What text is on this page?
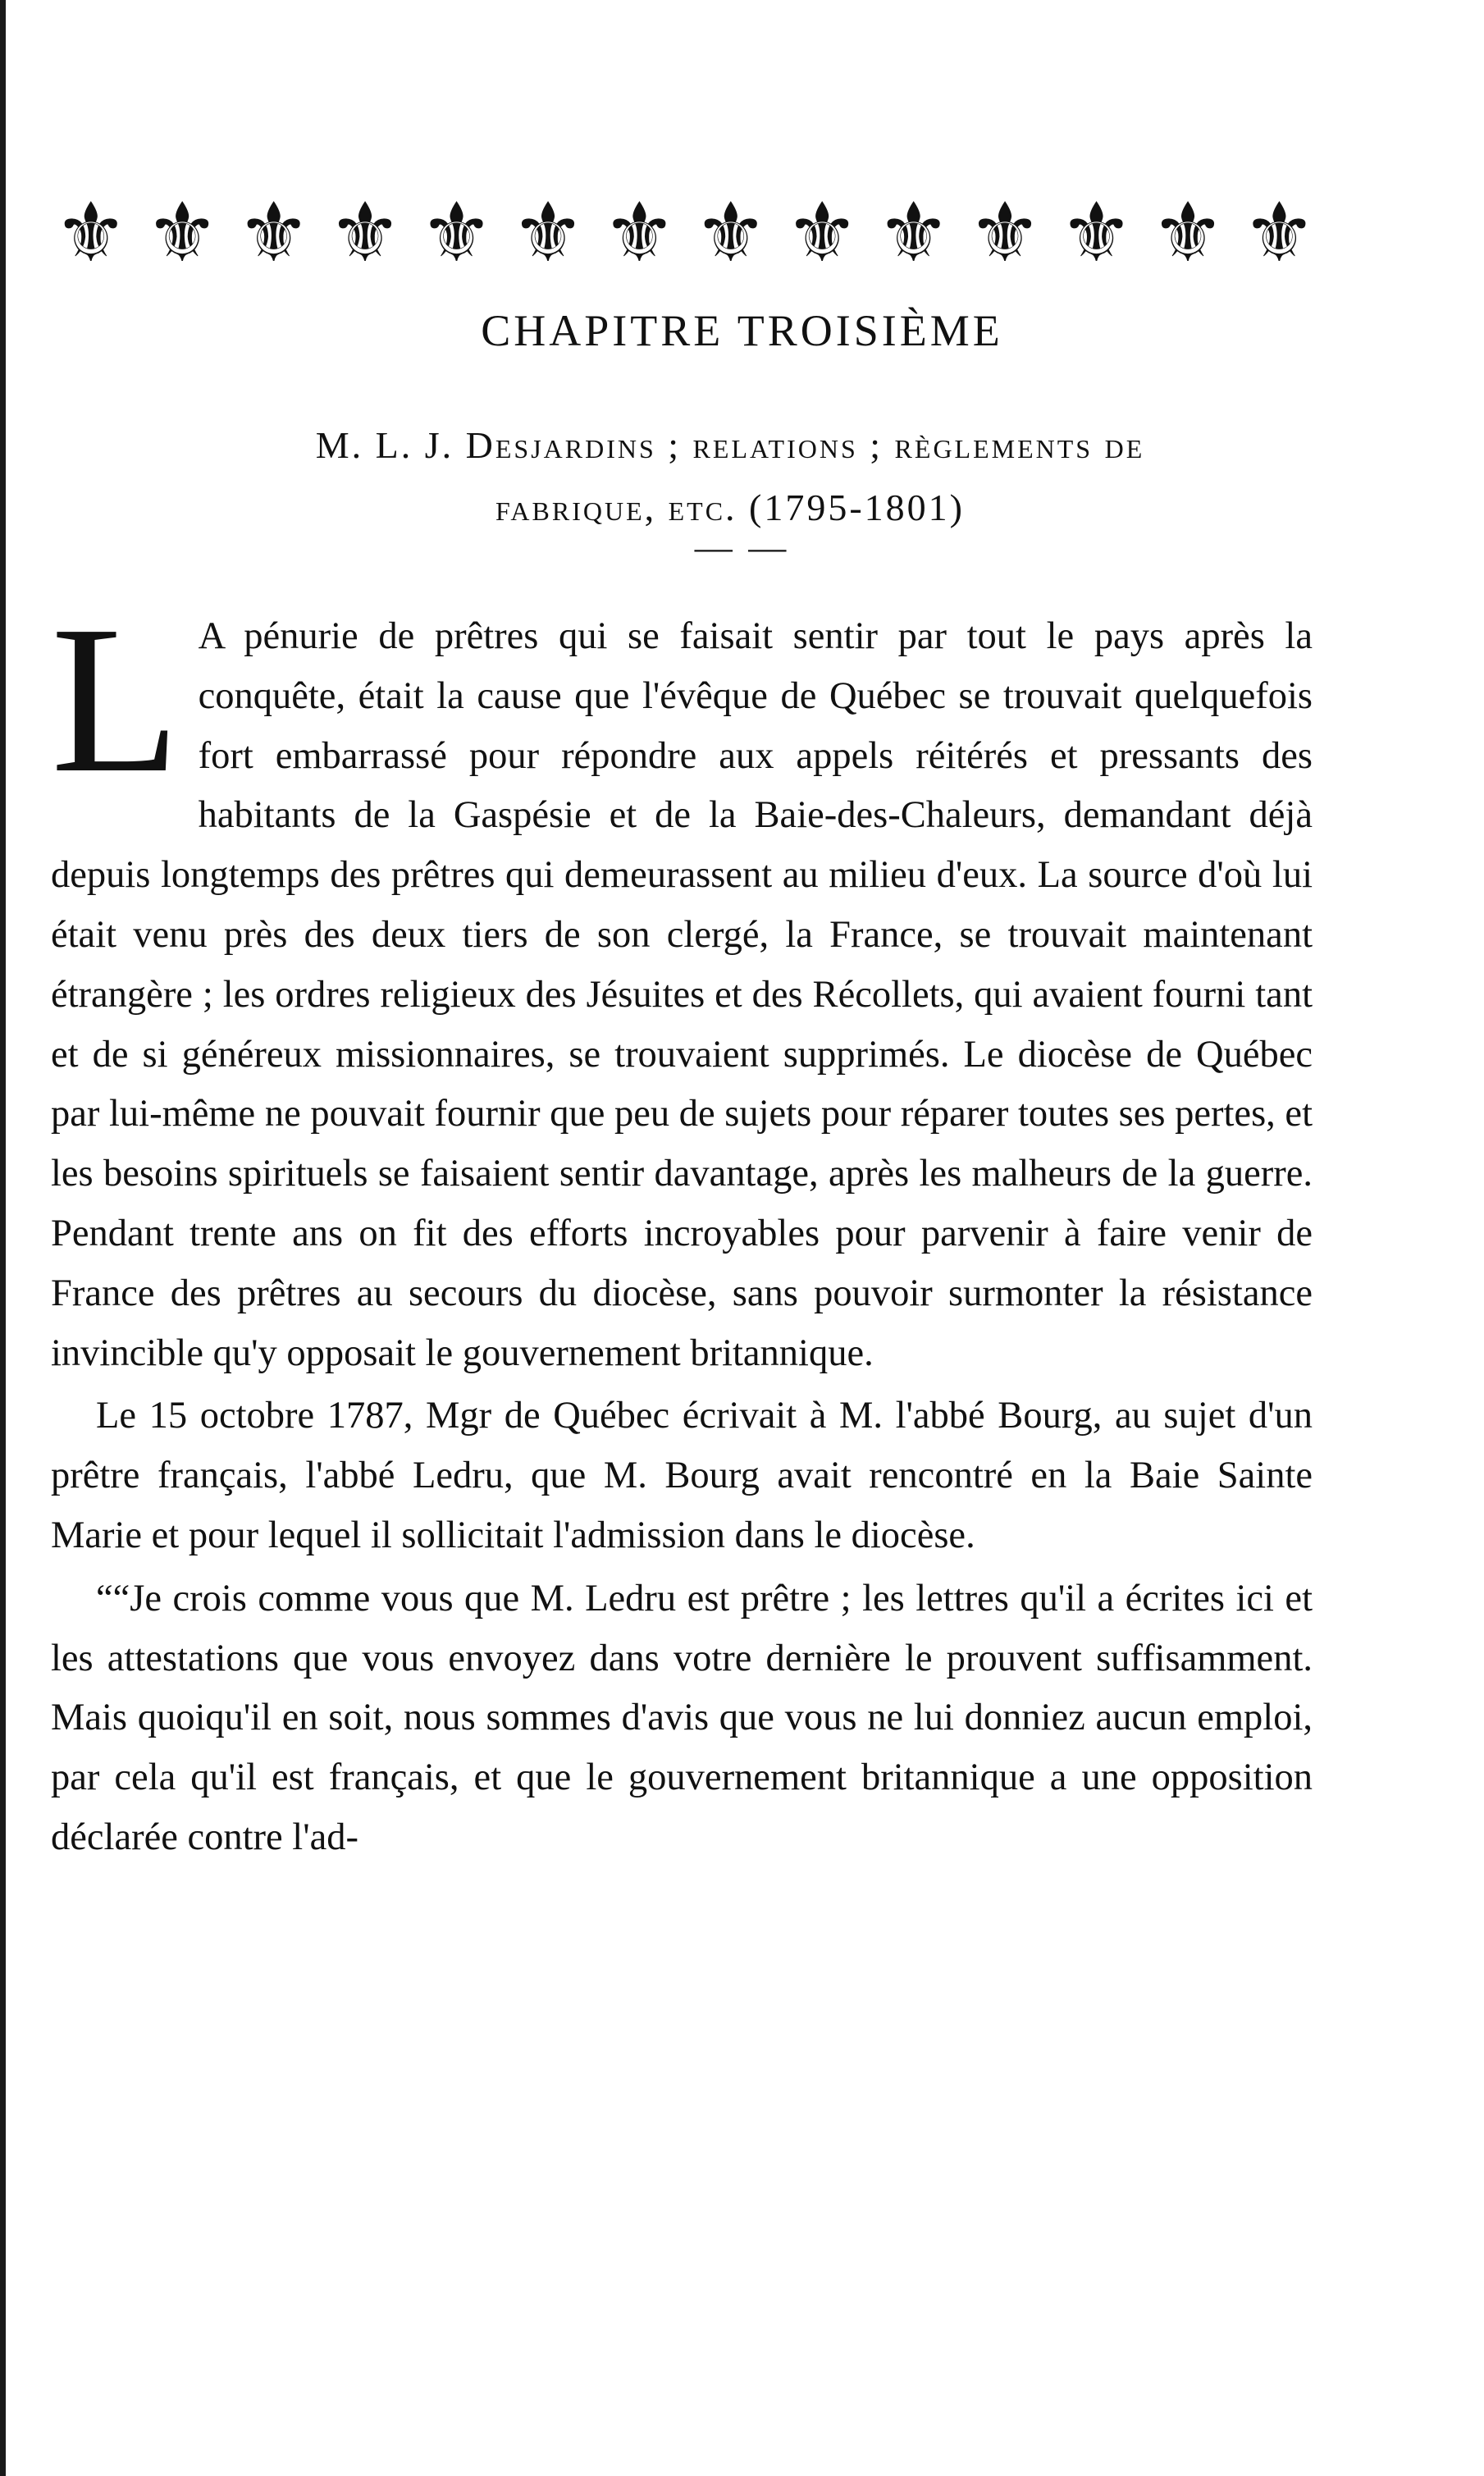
⚜ ⚜ ⚜ ⚜ ⚜ ⚜ ⚜ ⚜ ⚜ ⚜ ⚜ ⚜ ⚜ ⚜
CHAPITRE TROISIÈME
M. L. J. Desjardins ; relations ; règlements de
fabrique, etc. (1795-1801)
— —

L A pénurie de prêtres qui se faisait sentir par tout le pays après la conquête, était la cause que l'évêque de Québec se trouvait quelquefois fort embarrassé pour répondre aux appels réitérés et pressants des habitants de la Gaspésie et de la Baie-des-Chaleurs, demandant déjà depuis longtemps des prêtres qui demeurassent au milieu d'eux. La source d'où lui était venu près des deux tiers de son clergé, la France, se trouvait maintenant étrangère ; les ordres religieux des Jésuites et des Récollets, qui avaient fourni tant et de si généreux missionnaires, se trouvaient supprimés. Le diocèse de Québec par lui-même ne pouvait fournir que peu de sujets pour réparer toutes ses pertes, et les besoins spirituels se faisaient sentir davantage, après les malheurs de la guerre. Pendant trente ans on fit des efforts incroyables pour parvenir à faire venir de France des prêtres au secours du diocèse, sans pouvoir surmonter la résistance invincible qu'y opposait le gouvernement britannique.

Le 15 octobre 1787, Mgr de Québec écrivait à M. l'abbé Bourg, au sujet d'un prêtre français, l'abbé Ledru, que M. Bourg avait rencontré en la Baie Sainte Marie et pour lequel il sollicitait l'admission dans le diocèse.

““Je crois comme vous que M. Ledru est prêtre ; les lettres qu'il a écrites ici et les attestations que vous envoyez dans votre dernière le prouvent suffisamment. Mais quoiqu'il en soit, nous sommes d'avis que vous ne lui donniez aucun emploi, par cela qu'il est français, et que le gouvernement britannique a une opposition déclarée contre l'ad-
